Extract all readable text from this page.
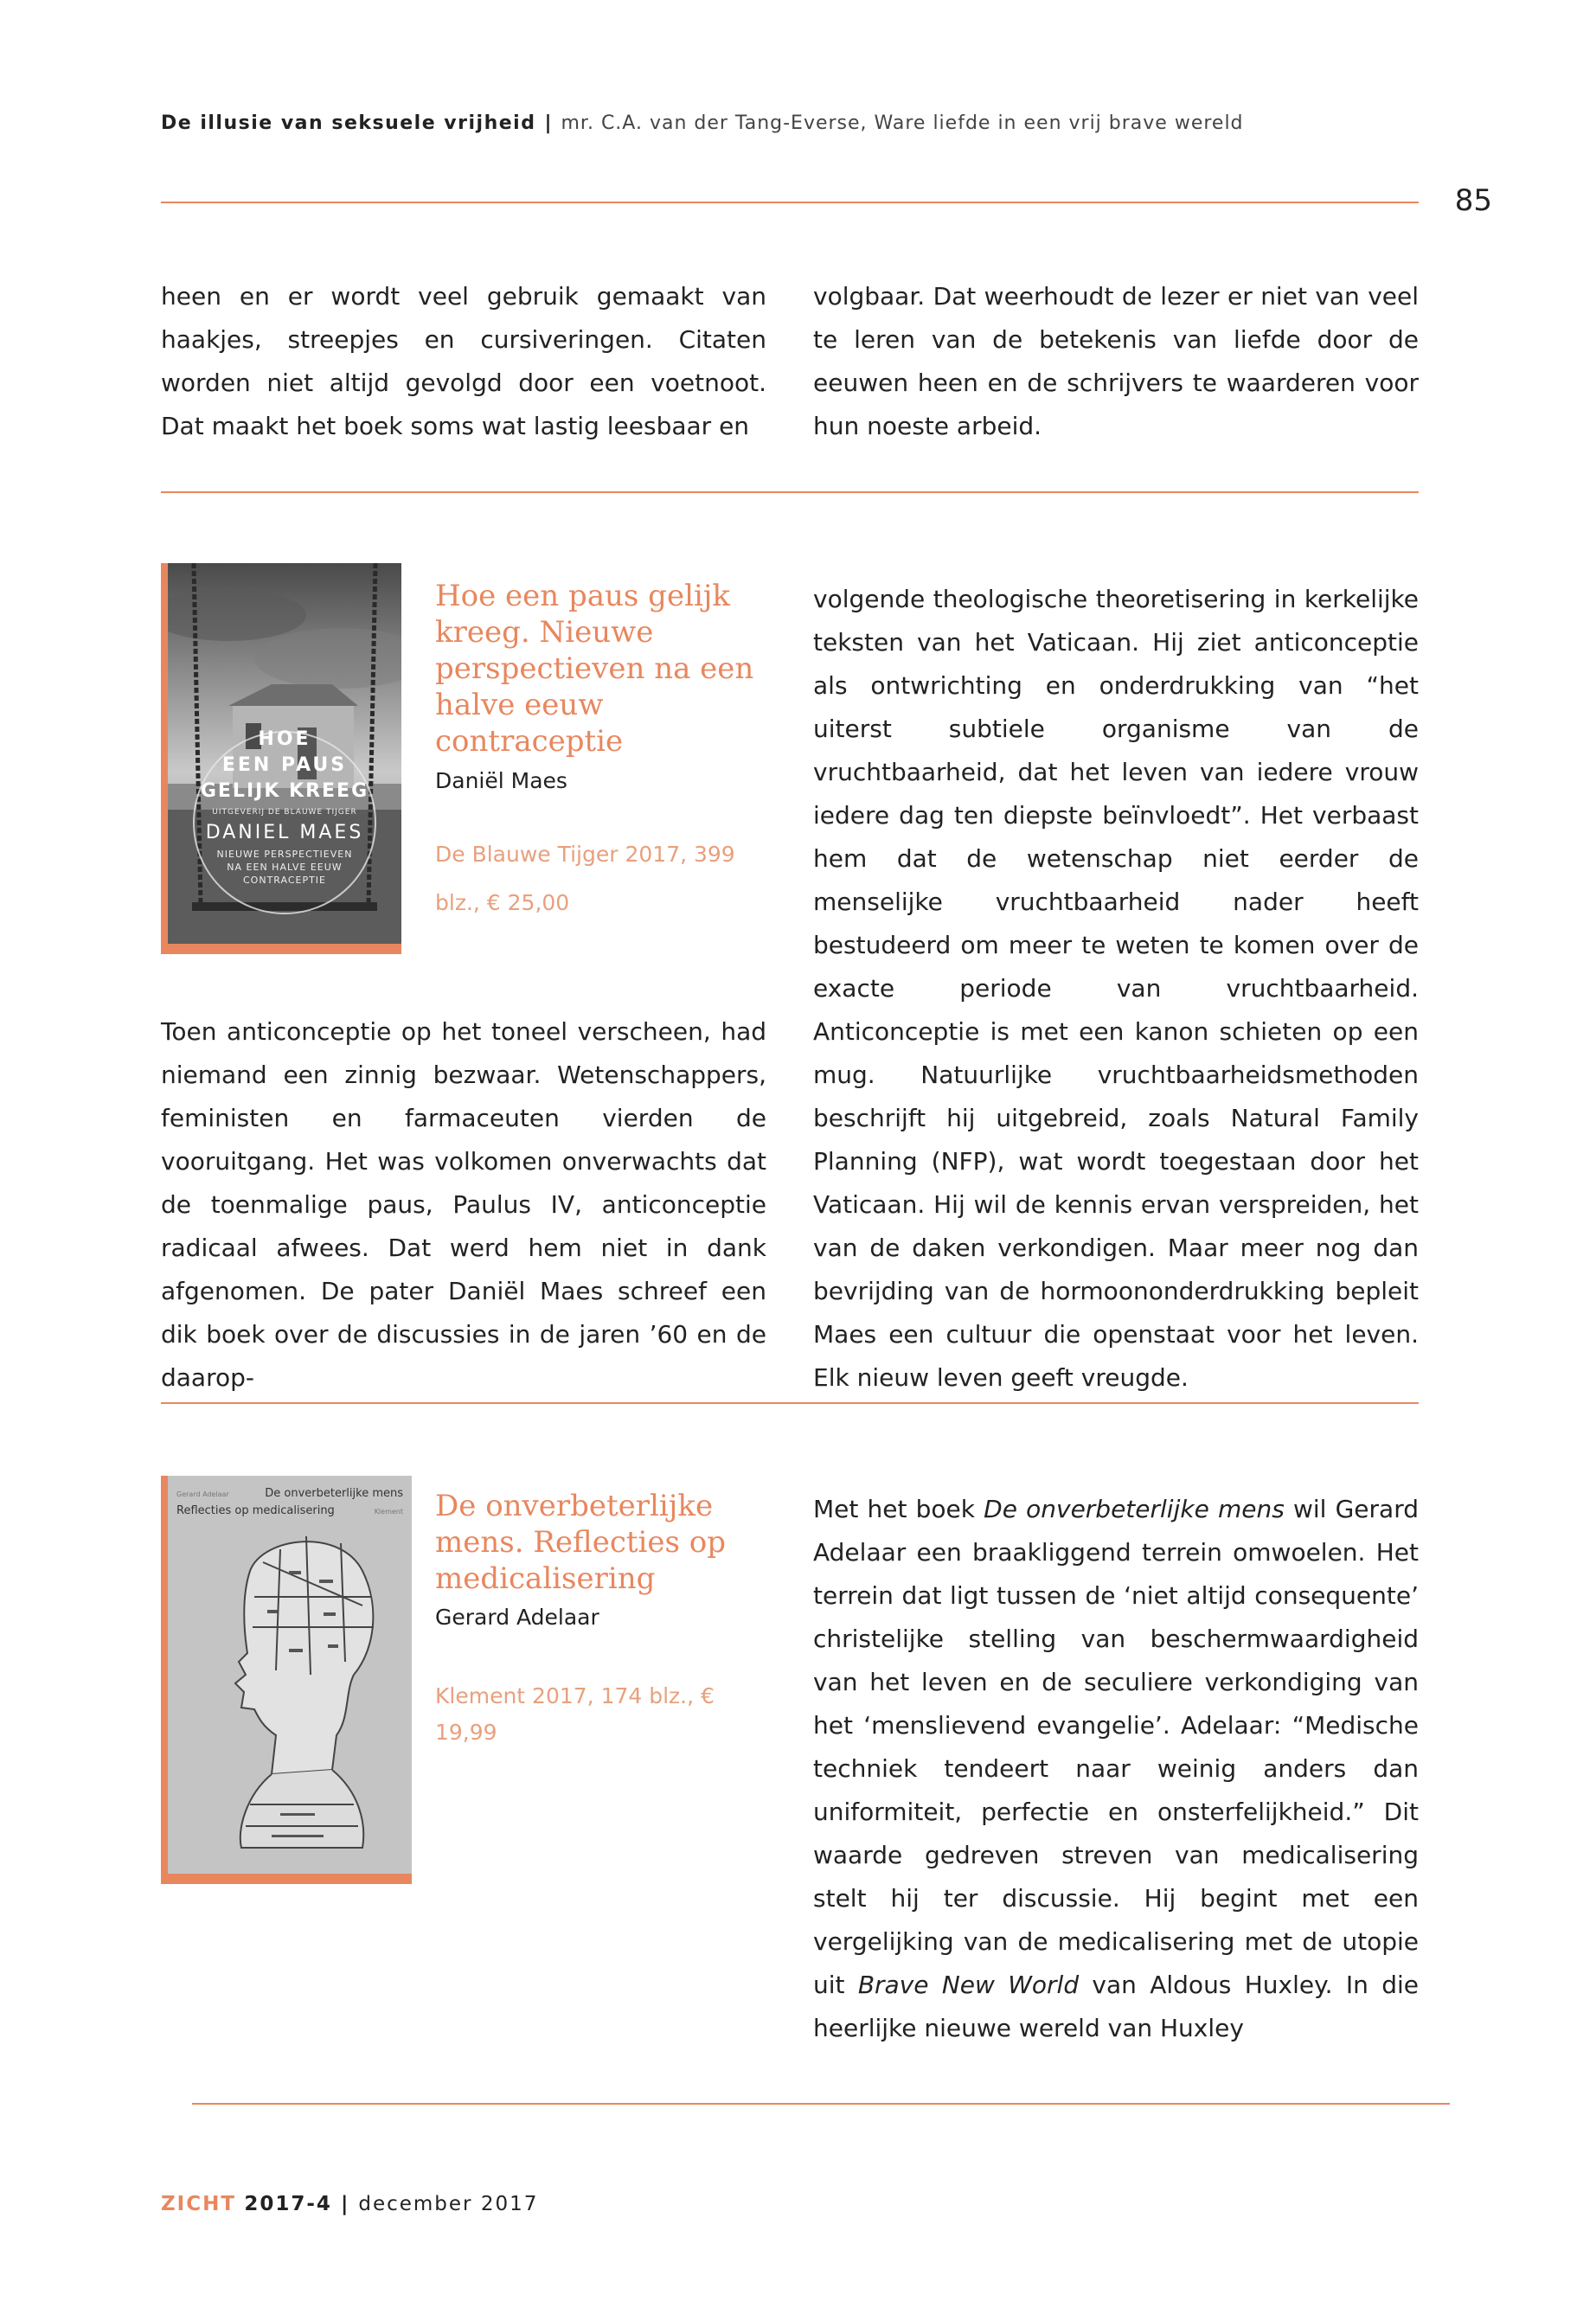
De illusie van seksuele vrijheid | mr. C.A. van der Tang-Everse, Ware liefde in een vrij brave wereld
85

heen en er wordt veel gebruik gemaakt van haakjes, streepjes en cursiveringen. Citaten worden niet altijd gevolgd door een voetnoot. Dat maakt het boek soms wat lastig leesbaar en

volgbaar. Dat weerhoudt de lezer er niet van veel te leren van de betekenis van liefde door de eeuwen heen en de schrijvers te waarderen voor hun noeste arbeid.

HOE
EEN PAUS
GELIJK KREEG
UITGEVERIJ DE BLAUWE TIJGER
DANIEL MAES
NIEUWE PERSPECTIEVEN
NA EEN HALVE EEUW
CONTRACEPTIE
Hoe een paus gelijk kreeg. Nieuwe perspectieven na een halve eeuw contraceptie
Daniël Maes
De Blauwe Tijger 2017, 399 blz., € 25,00

Toen anticonceptie op het toneel verscheen, had niemand een zinnig bezwaar. Wetenschappers, feministen en farmaceuten vierden de vooruitgang. Het was volkomen onverwachts dat de toenmalige paus, Paulus IV, anticonceptie radicaal afwees. Dat werd hem niet in dank afgenomen. De pater Daniël Maes schreef een dik boek over de discussies in de jaren ’60 en de daarop-

volgende theologische theoretisering in kerkelijke teksten van het Vaticaan. Hij ziet anticonceptie als ontwrichting en onderdrukking van “het uiterst subtiele organisme van de vruchtbaarheid, dat het leven van iedere vrouw iedere dag ten diepste beïnvloedt”. Het verbaast hem dat de wetenschap niet eerder de menselijke vruchtbaarheid nader heeft bestudeerd om meer te weten te komen over de exacte periode van vruchtbaarheid. Anticonceptie is met een kanon schieten op een mug. Natuurlijke vruchtbaarheidsmethoden beschrijft hij uitgebreid, zoals Natural Family Planning (NFP), wat wordt toegestaan door het Vaticaan. Hij wil de kennis ervan verspreiden, het van de daken verkondigen. Maar meer nog dan bevrijding van de hormoononderdrukking bepleit Maes een cultuur die openstaat voor het leven. Elk nieuw leven geeft vreugde.

Gerard Adelaar	De onverbeterlijke mens
Reflecties op medicalisering	Klement De onverbeterlijke mens. Reflecties op medicalisering
Gerard Adelaar
Klement 2017, 174 blz., € 19,99

Met het boek De onverbeterlijke mens wil Gerard Adelaar een braakliggend terrein omwoelen. Het terrein dat ligt tussen de ‘niet altijd consequente’ christelijke stelling van beschermwaardigheid van het leven en de seculiere verkondiging van het ‘menslievend evangelie’. Adelaar: “Medische techniek tendeert naar weinig anders dan uniformiteit, perfectie en onsterfelijkheid.” Dit waarde gedreven streven van medicalisering stelt hij ter discussie. Hij begint met een vergelijking van de medicalisering met de utopie uit Brave New World van Aldous Huxley. In die heerlijke nieuwe wereld van Huxley

ZICHT 2017-4 | december 2017
